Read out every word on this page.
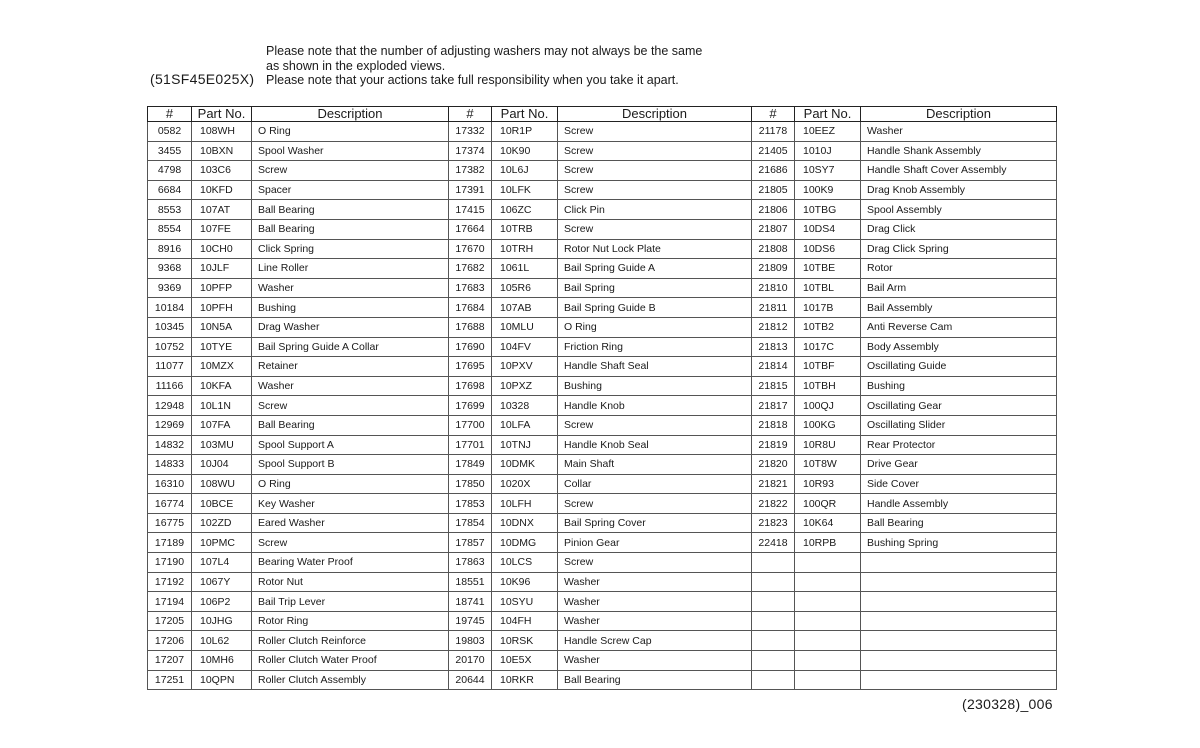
(51SF45E025X)
Please note that the number of adjusting washers may not always be the same
as shown in the exploded views.
Please note that your actions take full responsibility when you take it apart.
#	Part No.	Description	#	Part No.	Description	#	Part No.	Description
0582	108WH	O Ring	17332	10R1P	Screw	21178	10EEZ	Washer
3455	10BXN	Spool Washer	17374	10K90	Screw	21405	1010J	Handle Shank Assembly
4798	103C6	Screw	17382	10L6J	Screw	21686	10SY7	Handle Shaft Cover Assembly
6684	10KFD	Spacer	17391	10LFK	Screw	21805	100K9	Drag Knob Assembly
8553	107AT	Ball Bearing	17415	106ZC	Click Pin	21806	10TBG	Spool Assembly
8554	107FE	Ball Bearing	17664	10TRB	Screw	21807	10DS4	Drag Click
8916	10CH0	Click Spring	17670	10TRH	Rotor Nut Lock Plate	21808	10DS6	Drag Click Spring
9368	10JLF	Line Roller	17682	1061L	Bail Spring Guide A	21809	10TBE	Rotor
9369	10PFP	Washer	17683	105R6	Bail Spring	21810	10TBL	Bail Arm
10184	10PFH	Bushing	17684	107AB	Bail Spring Guide B	21811	1017B	Bail Assembly
10345	10N5A	Drag Washer	17688	10MLU	O Ring	21812	10TB2	Anti Reverse Cam
10752	10TYE	Bail Spring Guide A Collar	17690	104FV	Friction Ring	21813	1017C	Body Assembly
11077	10MZX	Retainer	17695	10PXV	Handle Shaft Seal	21814	10TBF	Oscillating Guide
11166	10KFA	Washer	17698	10PXZ	Bushing	21815	10TBH	Bushing
12948	10L1N	Screw	17699	10328	Handle Knob	21817	100QJ	Oscillating Gear
12969	107FA	Ball Bearing	17700	10LFA	Screw	21818	100KG	Oscillating Slider
14832	103MU	Spool Support A	17701	10TNJ	Handle Knob Seal	21819	10R8U	Rear Protector
14833	10J04	Spool Support B	17849	10DMK	Main Shaft	21820	10T8W	Drive Gear
16310	108WU	O Ring	17850	1020X	Collar	21821	10R93	Side Cover
16774	10BCE	Key Washer	17853	10LFH	Screw	21822	100QR	Handle Assembly
16775	102ZD	Eared Washer	17854	10DNX	Bail Spring Cover	21823	10K64	Ball Bearing
17189	10PMC	Screw	17857	10DMG	Pinion Gear	22418	10RPB	Bushing Spring
17190	107L4	Bearing Water Proof	17863	10LCS	Screw			
17192	1067Y	Rotor Nut	18551	10K96	Washer			
17194	106P2	Bail Trip Lever	18741	10SYU	Washer			
17205	10JHG	Rotor Ring	19745	104FH	Washer			
17206	10L62	Roller Clutch Reinforce	19803	10RSK	Handle Screw Cap			
17207	10MH6	Roller Clutch Water Proof	20170	10E5X	Washer			
17251	10QPN	Roller Clutch Assembly	20644	10RKR	Ball Bearing			
(230328)_006
